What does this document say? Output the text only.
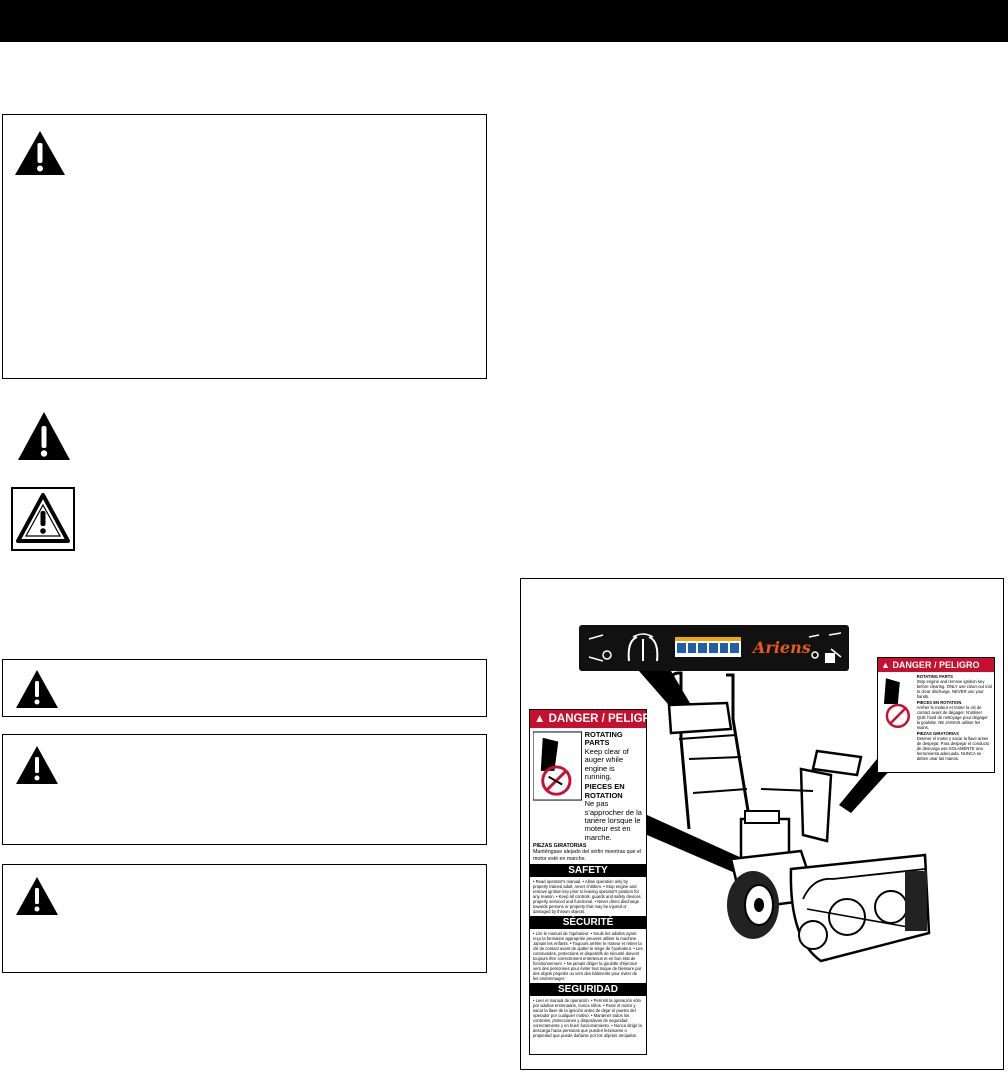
Ariens
▲ DANGER / PELIGRO
ROTATING PARTS
Keep clear of auger while engine is running.
PIECES EN ROTATION
Ne pas s'approcher de la tarière lorsque le moteur est en marche.
PIEZAS GIRATORIAS
Manténgase alejado del sinfín mientras que el motor esté en marche.
SAFETY
• Read operator's manual. • Allow operation only by properly trained adult, never children. • Stop engine and remove ignition key prior to leaving operator's position for any reason. • Keep all controls, guards and safety devices properly serviced and functional. • Never direct discharge towards persons or property that may be injured or damaged by thrown objects.
SÉCURITÉ
• Lire le manuel de l'opérateur. • Seuls les adultes ayant reçu la formation appropriée peuvent utiliser la machine. Jamais les enfants. • Toujours arrêter le moteur et retirer la clé de contact avant de quitter le siège de l'opérateur. • Les commandes, protections et dispositifs de sécurité doivent toujours être correctement entretenus et en bon état de fonctionnement. • Ne jamais diriger la goulotte d'éjection vers des personnes pour éviter tout risque de blessure par des objets projetés ou vers des bâtiments pour éviter de les endommager.
SEGURIDAD
• Leer el manual de operación. • Permitir la operación sólo por adultos entrenados, nunca niños. • Parar el motor y sacar la llave de la ignición antes de dejar el puesto del operador por cualquier motivo. • Mantener todos los controles, protecciones y dispositivos de seguridad correctamente y en buen funcionamiento. • Nunca dirigir la descarga hacia personas que pueden lesionarse o propiedad que puede dañarse por los objetos arrojados.
▲ DANGER / PELIGRO
ROTATING PARTS
Stop engine and remove ignition key before clearing. ONLY use clean-out tool to clear discharge. NEVER use your hands.
PIECES EN ROTATION
Arrêter le moteur et retirer la clé de contact avant de dégager. N'utiliser QUE l'outil de nettoyage pour dégager la goulotte. NE JAMAIS utiliser les mains.
PIEZAS GIRATORIAS
Detener el motor y sacar la llave antes de despejar. Para despejar el conducto de descarga use SOLAMENTE una herramienta adecuada. NUNCA se deben usar las manos.
